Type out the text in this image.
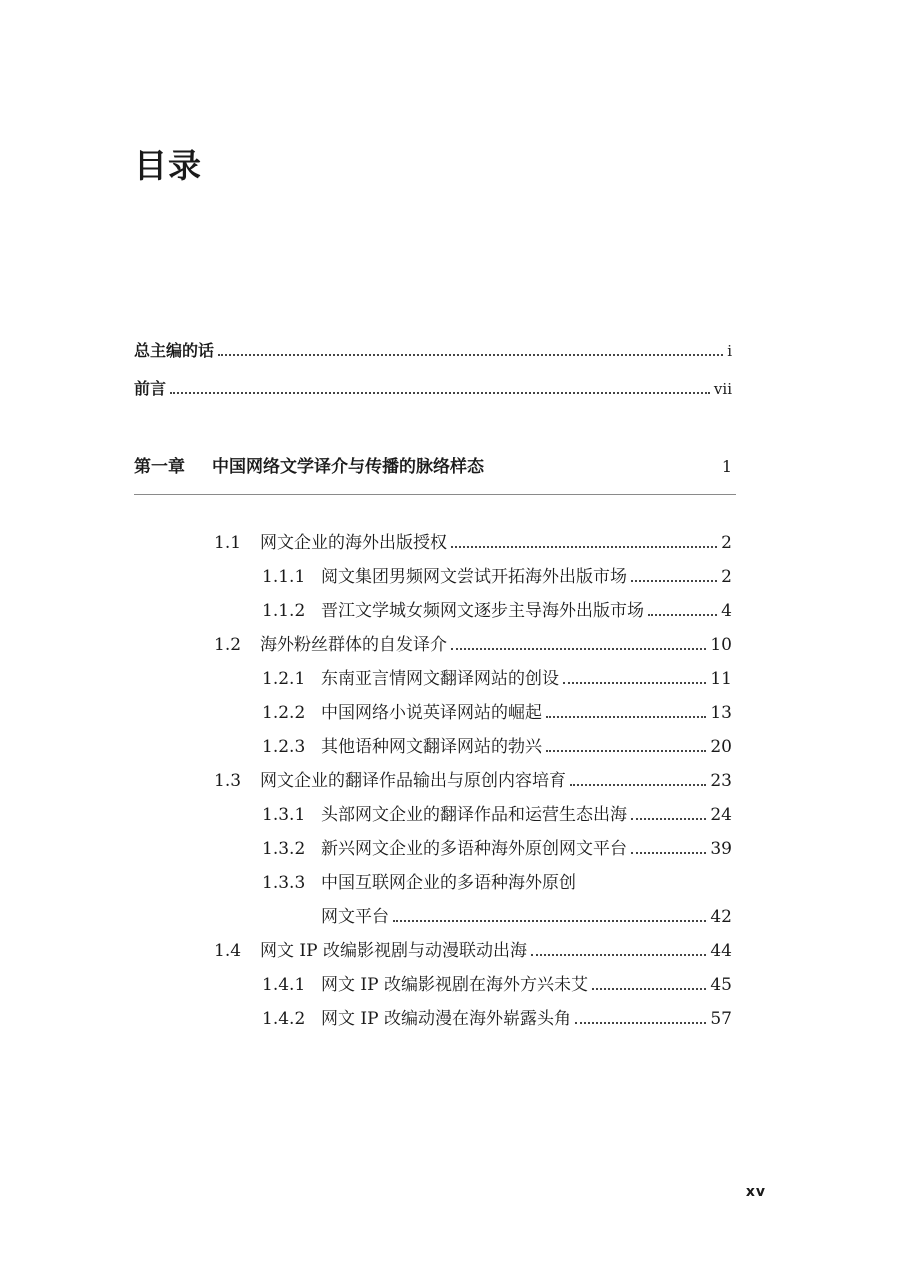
目录
总主编的话	i
前言	vii
第一章 中国网络文学译介与传播的脉络样态	1
1.1 网文企业的海外出版授权	2
1.1.1 阅文集团男频网文尝试开拓海外出版市场	2
1.1.2 晋江文学城女频网文逐步主导海外出版市场	4
1.2 海外粉丝群体的自发译介	10
1.2.1 东南亚言情网文翻译网站的创设	11
1.2.2 中国网络小说英译网站的崛起	13
1.2.3 其他语种网文翻译网站的勃兴	20
1.3 网文企业的翻译作品输出与原创内容培育	23
1.3.1 头部网文企业的翻译作品和运营生态出海	24
1.3.2 新兴网文企业的多语种海外原创网文平台	39
1.3.3 中国互联网企业的多语种海外原创
网文平台	42
1.4 网文 IP 改编影视剧与动漫联动出海	44
1.4.1 网文 IP 改编影视剧在海外方兴未艾	45
1.4.2 网文 IP 改编动漫在海外崭露头角	57
xv
